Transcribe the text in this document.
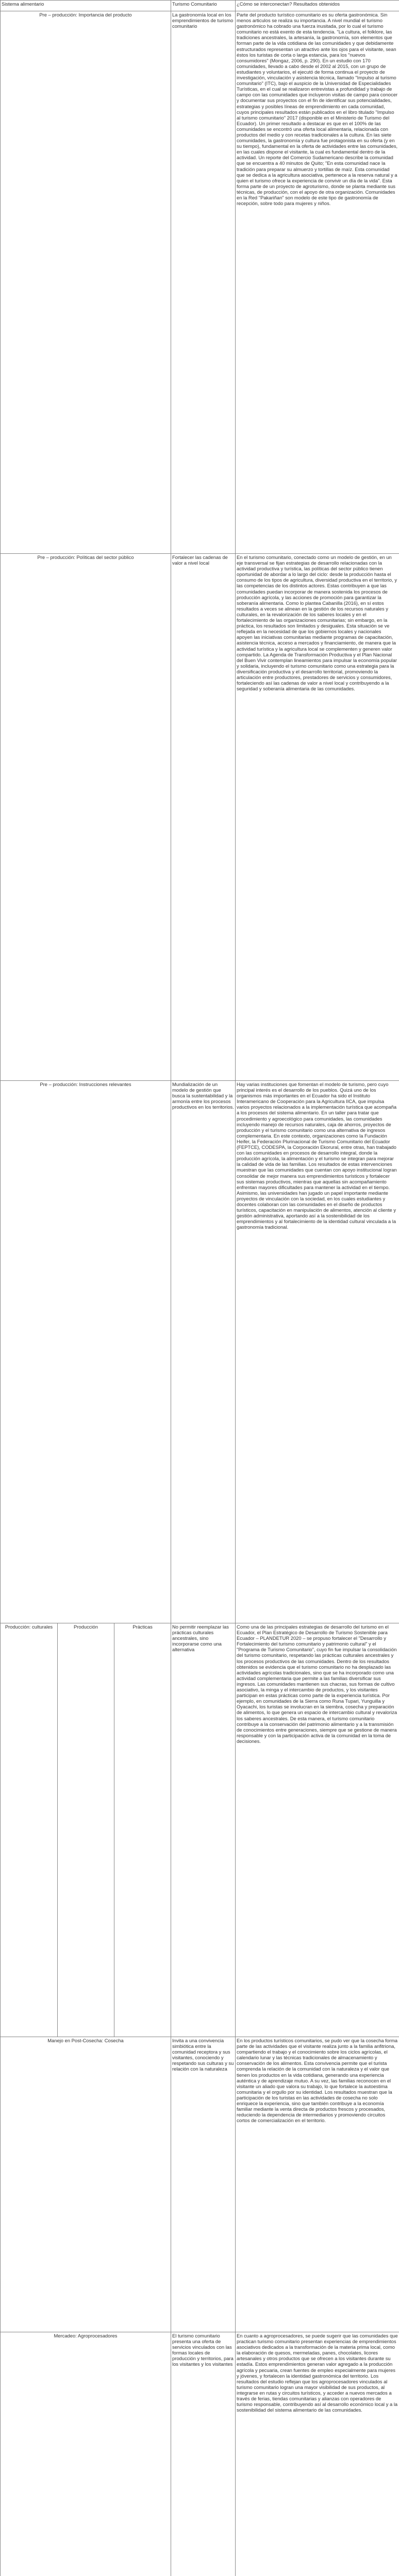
Sistema alimentario			Turismo Comunitario	¿Cómo se interconectan? Resultados obtenidos
Pre – producción: Importancia del producto			La gastronomía local en los emprendimientos de turismo comunitario	Parte del producto turístico comunitario es su oferta gastronómica. Sin menos articulos se realiza su importancia. A nivel mundial el turismo gastronómico ha cobrado una fuerza inusitada, por lo cual el turismo comunitario no está exento de esta tendencia. "La cultura, el folklore, las tradiciones ancestrales, la artesanía, la gastronomía, son elementos que forman parte de la vida cotidiana de las comunidades y que debidamente estructurados representan un atractivo ante los ojos para el visitante, sean éstos los turistas de corta o larga estancia, para los "nuevos consumidores" (Mongaz, 2006, p. 290). En un estudio con 170 comunidades, llevado a cabo desde el 2002 al 2015, con un grupo de estudiantes y voluntarios, el ejecutó de forma continua el proyecto de investigación, vinculación y asistencia técnica, llamado "Impulso al turismo comunitario" (ITC), bajo el auspicio de la Universidad de Especialidades Turísticas, en el cual se realizaron entrevistas a profundidad y trabajo de campo con las comunidades que incluyeron visitas de campo para conocer y documentar sus proyectos con el fin de identificar sus potencialidades, estrategias y posibles líneas de emprendimiento en cada comunidad, cuyos principales resultados están publicados en el libro titulado "Impulso al turismo comunitario" 2017 (disponible en el Ministerio de Turismo del Ecuador). Un primer resultado a destacar es que en el 100% de las comunidades se encontró una oferta local alimentaria, relacionada con productos del medio y con recetas tradicionales a la cultura. En las siete comunidades, la gastronomía y cultura fue protagonista en su oferta (y en su tiempo), fundamental en la oferta de actividades entre las comunidades, en las cuales dispone el visitante, la cual es fundamental dentro de la actividad. Un reporte del Comercio Sudamericano describe la comunidad que se encuentra a 40 minutos de Quito; "En esta comunidad nace la tradición para preparar su almuerzo y tortillas de maíz. Esta comunidad que se dedica a la agricultura asociativa, pertenece a la reserva natural y a quien el turismo ofrece la experiencia de convivir un día de la vida". Esta forma parte de un proyecto de agroturismo, donde se planta mediante sus técnicas, de producción, con el apoyo de otra organización. Comunidades en la Red "Pakariñan" son modelo de este tipo de gastronomía de recepción, sobre todo para mujeres y niños.
Pre – producción: Políticas del sector público			Fortalecer las cadenas de valor a nivel local	En el turismo comunitario, conectado como un modelo de gestión, en un eje transversal se fijan estrategias de desarrollo relacionadas con la actividad productiva y turística, las políticas del sector público tienen oportunidad de abordar a lo largo del ciclo: desde la producción hasta el consumo de los tipos de agricultura, diversidad productiva en el territorio, y las competencias de los distintos actores. Estas contribuyen a que las comunidades puedan incorporar de manera sostenida los procesos de producción agrícola, y las acciones de promoción para garantizar la soberanía alimentaria. Como lo plantea Cabanilla (2016), en sí estos resultados a veces se alinean en la gestión de los recursos naturales y culturales, en la revalorización de los saberes locales y en el fortalecimiento de las organizaciones comunitarias; sin embargo, en la práctica, los resultados son limitados y desiguales. Esta situación se ve reflejada en la necesidad de que los gobiernos locales y nacionales apoyen las iniciativas comunitarias mediante programas de capacitación, asistencia técnica, acceso a mercados y financiamiento, de manera que la actividad turística y la agricultura local se complementen y generen valor compartido. La Agenda de Transformación Productiva y el Plan Nacional del Buen Vivir contemplan lineamientos para impulsar la economía popular y solidaria, incluyendo el turismo comunitario como una estrategia para la diversificación productiva y el desarrollo territorial, promoviendo la articulación entre productores, prestadores de servicios y consumidores, fortaleciendo así las cadenas de valor a nivel local y contribuyendo a la seguridad y soberanía alimentaria de las comunidades.
Pre – producción: Instrucciones relevantes			Mundialización de un modelo de gestión que busca la sustentabilidad y la armonía entre los procesos productivos en los territorios.	Hay varias instituciones que fomentan el modelo de turismo, pero cuyo principal interés es el desarrollo de los pueblos. Quizá uno de los organismos más importantes en el Ecuador ha sido el Instituto Interamericano de Cooperación para la Agricultura IICA, que impulsa varios proyectos relacionados a la implementación turística que acompaña a los procesos del sistema alimentario. En un taller para tratar que procedimiento y agroecológico para comunidades, las comunidades incluyendo manejo de recursos naturales, caja de ahorros, proyectos de producción y el turismo comunitario como una alternativa de ingresos complementaria. En este contexto, organizaciones como la Fundación Heifer, la Federación Plurinacional de Turismo Comunitario del Ecuador (FEPTCE), CODESPA, la Corporación Ekorural, entre otras, han trabajado con las comunidades en procesos de desarrollo integral, donde la producción agrícola, la alimentación y el turismo se integran para mejorar la calidad de vida de las familias. Los resultados de estas intervenciones muestran que las comunidades que cuentan con apoyo institucional logran consolidar de mejor manera sus emprendimientos turísticos y fortalecer sus sistemas productivos, mientras que aquellas sin acompañamiento enfrentan mayores dificultades para mantener la actividad en el tiempo. Asimismo, las universidades han jugado un papel importante mediante proyectos de vinculación con la sociedad, en los cuales estudiantes y docentes colaboran con las comunidades en el diseño de productos turísticos, capacitación en manipulación de alimentos, atención al cliente y gestión administrativa, aportando así a la sostenibilidad de los emprendimientos y al fortalecimiento de la identidad cultural vinculada a la gastronomía tradicional.
Producción: culturales	Producción	Prácticas	No permitir reemplazar las prácticas culturales ancestrales, sino incorporarse como una alternativa	Como una de las principales estrategias de desarrollo del turismo en el Ecuador, el Plan Estratégico de Desarrollo de Turismo Sostenible para Ecuador – PLANDETUR 2020 – se propuso fortalecer el "Desarrollo y Fortalecimiento del turismo comunitario y patrimonio cultural" y el "Programa de Turismo Comunitario", cuyo fin fue impulsar la consolidación del turismo comunitario, respetando las prácticas culturales ancestrales y los procesos productivos de las comunidades. Dentro de los resultados obtenidos se evidencia que el turismo comunitario no ha desplazado las actividades agrícolas tradicionales, sino que se ha incorporado como una actividad complementaria que permite a las familias diversificar sus ingresos. Las comunidades mantienen sus chacras, sus formas de cultivo asociativo, la minga y el intercambio de productos, y los visitantes participan en estas prácticas como parte de la experiencia turística. Por ejemplo, en comunidades de la Sierra como Runa Tupari, Yunguilla y Oyacachi, los turistas se involucran en la siembra, cosecha y preparación de alimentos, lo que genera un espacio de intercambio cultural y revaloriza los saberes ancestrales. De esta manera, el turismo comunitario contribuye a la conservación del patrimonio alimentario y a la transmisión de conocimientos entre generaciones, siempre que se gestione de manera responsable y con la participación activa de la comunidad en la toma de decisiones.
Manejo en Post-Cosecha: Cosecha			Invita a una convivencia simbiótica entre la comunidad receptora y sus visitantes, conociendo y respetando sus culturas y su relación con la naturaleza	En los productos turísticos comunitarios, se pudo ver que la cosecha forma parte de las actividades que el visitante realiza junto a la familia anfitriona, compartiendo el trabajo y el conocimiento sobre los ciclos agrícolas, el calendario lunar y las técnicas tradicionales de almacenamiento y conservación de los alimentos. Esta convivencia permite que el turista comprenda la relación de la comunidad con la naturaleza y el valor que tienen los productos en la vida cotidiana, generando una experiencia auténtica y de aprendizaje mutuo. A su vez, las familias reconocen en el visitante un aliado que valora su trabajo, lo que fortalece la autoestima comunitaria y el orgullo por su identidad. Los resultados muestran que la participación de los turistas en las actividades de cosecha no solo enriquece la experiencia, sino que también contribuye a la economía familiar mediante la venta directa de productos frescos y procesados, reduciendo la dependencia de intermediarios y promoviendo circuitos cortos de comercialización en el territorio.
Mercadeo: Agroprocesadores			El turismo comunitario presenta una oferta de servicios vinculados con las formas locales de producción y territorios, para los visitantes y los visitantes	En cuanto a agroprocesadores, se puede sugerir que las comunidades que practican turismo comunitario presentan experiencias de emprendimientos asociativos dedicados a la transformación de la materia prima local, como la elaboración de quesos, mermeladas, panes, chocolates, licores artesanales y otros productos que se ofrecen a los visitantes durante su estadía. Estos emprendimientos generan valor agregado a la producción agrícola y pecuaria, crean fuentes de empleo especialmente para mujeres y jóvenes, y fortalecen la identidad gastronómica del territorio. Los resultados del estudio reflejan que los agroprocesadores vinculados al turismo comunitario logran una mayor visibilidad de sus productos, al integrarse en rutas y circuitos turísticos, y acceder a nuevos mercados a través de ferias, tiendas comunitarias y alianzas con operadores de turismo responsable, contribuyendo así al desarrollo económico local y a la sostenibilidad del sistema alimentario de las comunidades.
